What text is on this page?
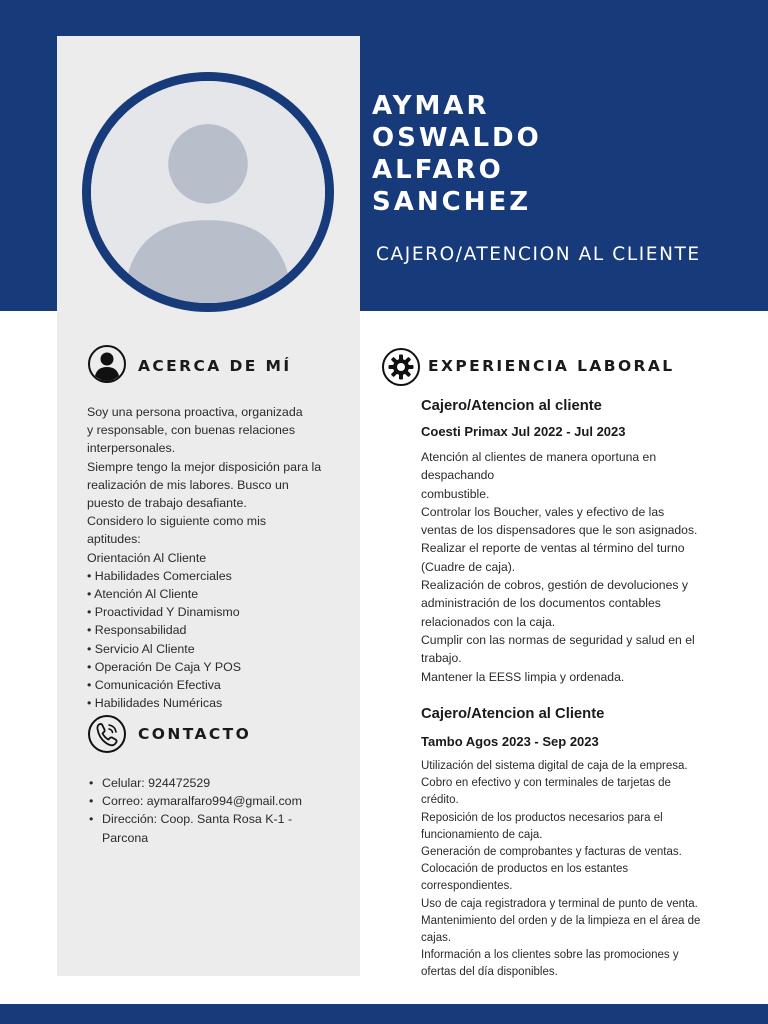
AYMAR
OSWALDO
ALFARO
SANCHEZ
CAJERO/ATENCION AL CLIENTE
ACERCA DE MÍ
Soy una persona proactiva, organizada
y responsable, con buenas relaciones
interpersonales.
Siempre tengo la mejor disposición para la
realización de mis labores. Busco un
puesto de trabajo desafiante.
Considero lo siguiente como mis
aptitudes:
Orientación Al Cliente
• Habilidades Comerciales
• Atención Al Cliente
• Proactividad Y Dinamismo
• Responsabilidad
• Servicio Al Cliente
• Operación De Caja Y POS
• Comunicación Efectiva
• Habilidades Numéricas
CONTACTO
• Celular: 924472529
• Correo: aymaralfaro994@gmail.com
• Dirección: Coop. Santa Rosa K-1 -
Parcona
EXPERIENCIA LABORAL
Cajero/Atencion al cliente
Coesti Primax Jul 2022 - Jul 2023
Atención al clientes de manera oportuna en
despachando
combustible.
Controlar los Boucher, vales y efectivo de las
ventas de los dispensadores que le son asignados.
Realizar el reporte de ventas al término del turno
(Cuadre de caja).
Realización de cobros, gestión de devoluciones y
administración de los documentos contables
relacionados con la caja.
Cumplir con las normas de seguridad y salud en el
trabajo.
Mantener la EESS limpia y ordenada.
Cajero/Atencion al Cliente
Tambo Agos 2023 - Sep 2023
Utilización del sistema digital de caja de la empresa.
Cobro en efectivo y con terminales de tarjetas de
crédito.
Reposición de los productos necesarios para el
funcionamiento de caja.
Generación de comprobantes y facturas de ventas.
Colocación de productos en los estantes
correspondientes.
Uso de caja registradora y terminal de punto de venta.
Mantenimiento del orden y de la limpieza en el área de
cajas.
Información a los clientes sobre las promociones y
ofertas del día disponibles.
